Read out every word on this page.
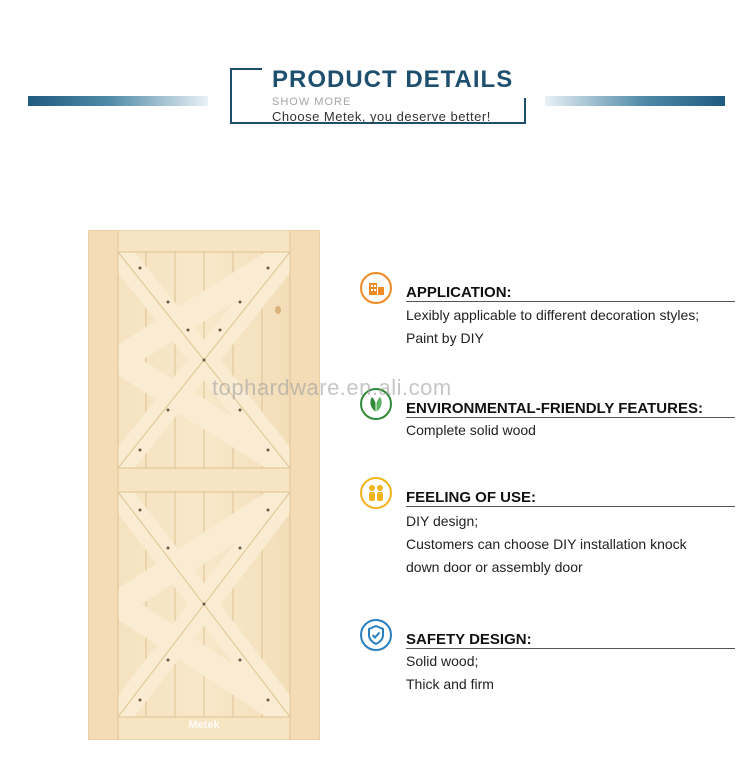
PRODUCT DETAILS
SHOW MORE
Choose Metek, you deserve better!
Metek
APPLICATION:
Lexibly applicable to different decoration styles;
Paint by DIY
ENVIRONMENTAL-FRIENDLY FEATURES:
Complete solid wood
FEELING OF USE:
DIY design;
Customers can choose DIY installation knock
down door or assembly door
SAFETY DESIGN:
Solid wood;
Thick and firm
tophardware.en.ali.com
